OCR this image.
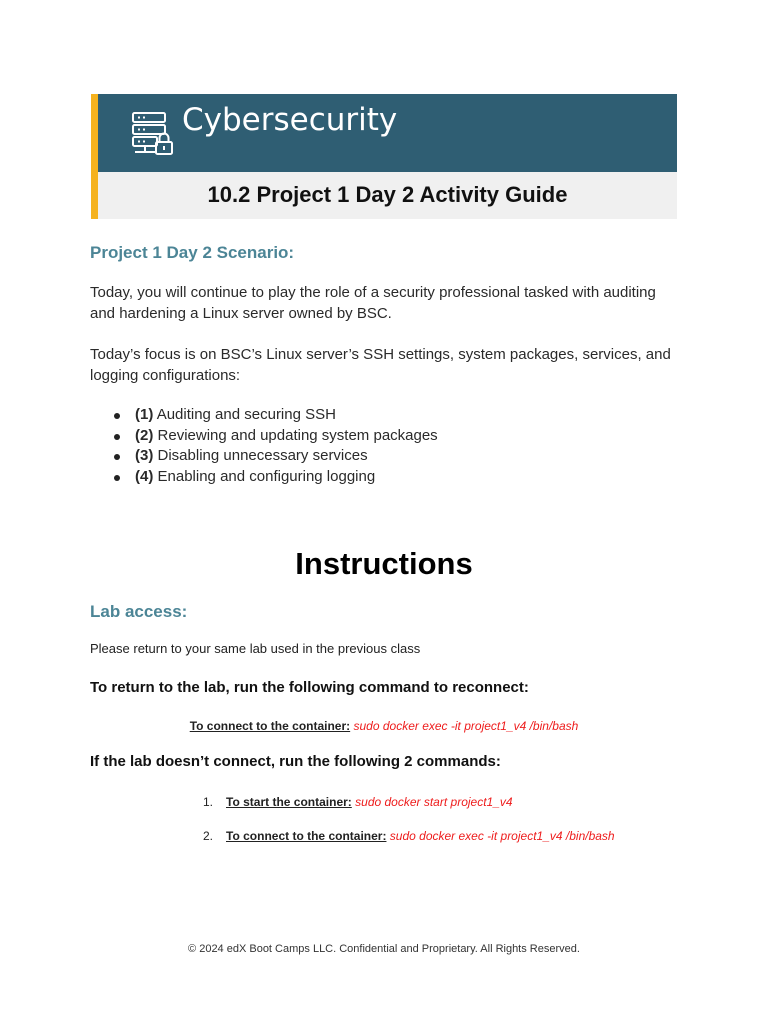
Cybersecurity
10.2 Project 1 Day 2 Activity Guide
Project 1 Day 2 Scenario:

Today, you will continue to play the role of a security professional tasked with auditing and hardening a Linux server owned by BSC.

Today’s focus is on BSC’s Linux server’s SSH settings, system packages, services, and logging configurations:

(1) Auditing and securing SSH
(2) Reviewing and updating system packages
(3) Disabling unnecessary services
(4) Enabling and configuring logging
Instructions
Lab access:
Please return to your same lab used in the previous class
To return to the lab, run the following command to reconnect:
To connect to the container: sudo docker exec -it project1_v4 /bin/bash
If the lab doesn’t connect, run the following 2 commands:
1. To start the container: sudo docker start project1_v4
2. To connect to the container: sudo docker exec -it project1_v4 /bin/bash
© 2024 edX Boot Camps LLC. Confidential and Proprietary. All Rights Reserved.
